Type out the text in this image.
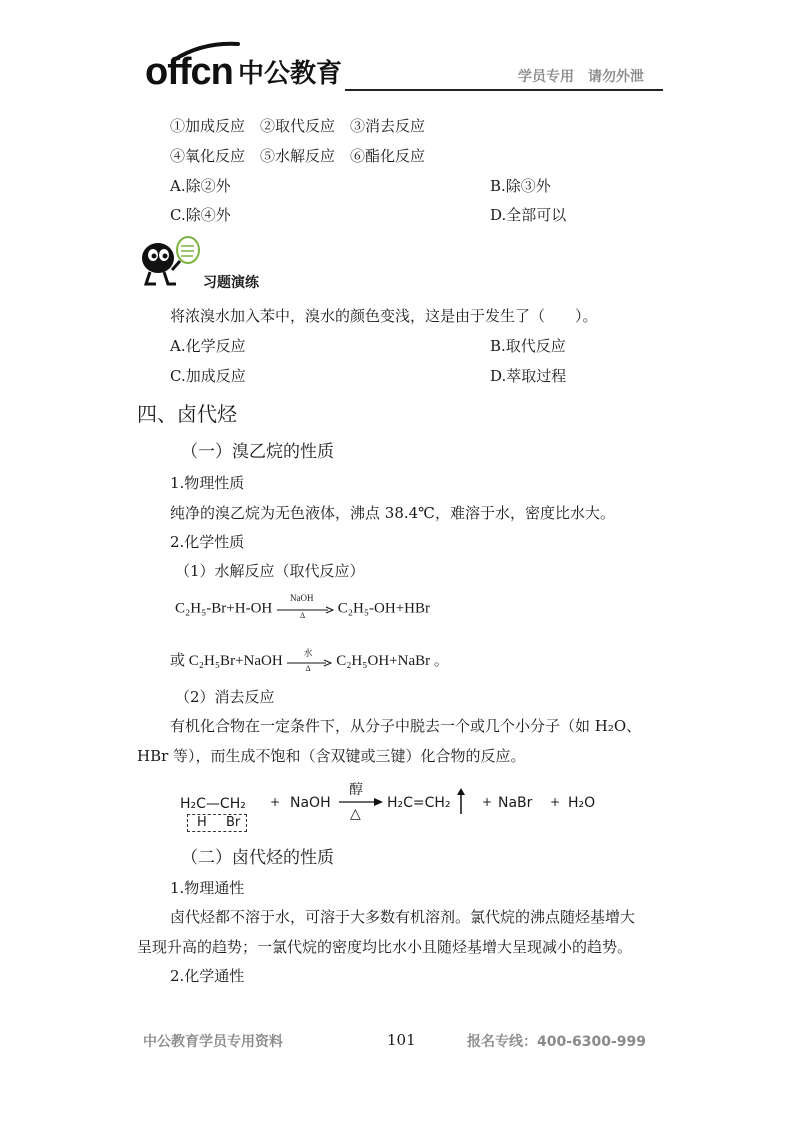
offcn 中公教育	学员专用　请勿外泄
①加成反应　②取代反应　③消去反应
④氧化反应　⑤水解反应　⑥酯化反应
A.除②外	B.除③外
C.除④外	D.全部可以
习题演练
将浓溴水加入苯中，溴水的颜色变浅，这是由于发生了（　　）。
A.化学反应	B.取代反应
C.加成反应	D.萃取过程
四、卤代烃
（一）溴乙烷的性质
1.物理性质
纯净的溴乙烷为无色液体，沸点 38.4℃，难溶于水，密度比水大。
2.化学性质
（1）水解反应（取代反应）
C₂H₅-Br+H-OH
NaOH
Δ C₂H₅-OH+HBr
或 C₂H₅Br+NaOH
水
Δ C₂H₅OH+NaBr 。
（2）消去反应
有机化合物在一定条件下，从分子中脱去一个或几个小分子（如 H₂O、
HBr 等），而生成不饱和（含双键或三键）化合物的反应。
H₂C—CH₂ + NaOH
醇
△
H₂C=CH₂	+ NaBr + H₂O
H Br
（二）卤代烃的性质
1.物理通性
卤代烃都不溶于水，可溶于大多数有机溶剂。氯代烷的沸点随烃基增大
呈现升高的趋势；一氯代烷的密度均比水小且随烃基增大呈现减小的趋势。
2.化学通性
中公教育学员专用资料	101	报名专线：400-6300-999
